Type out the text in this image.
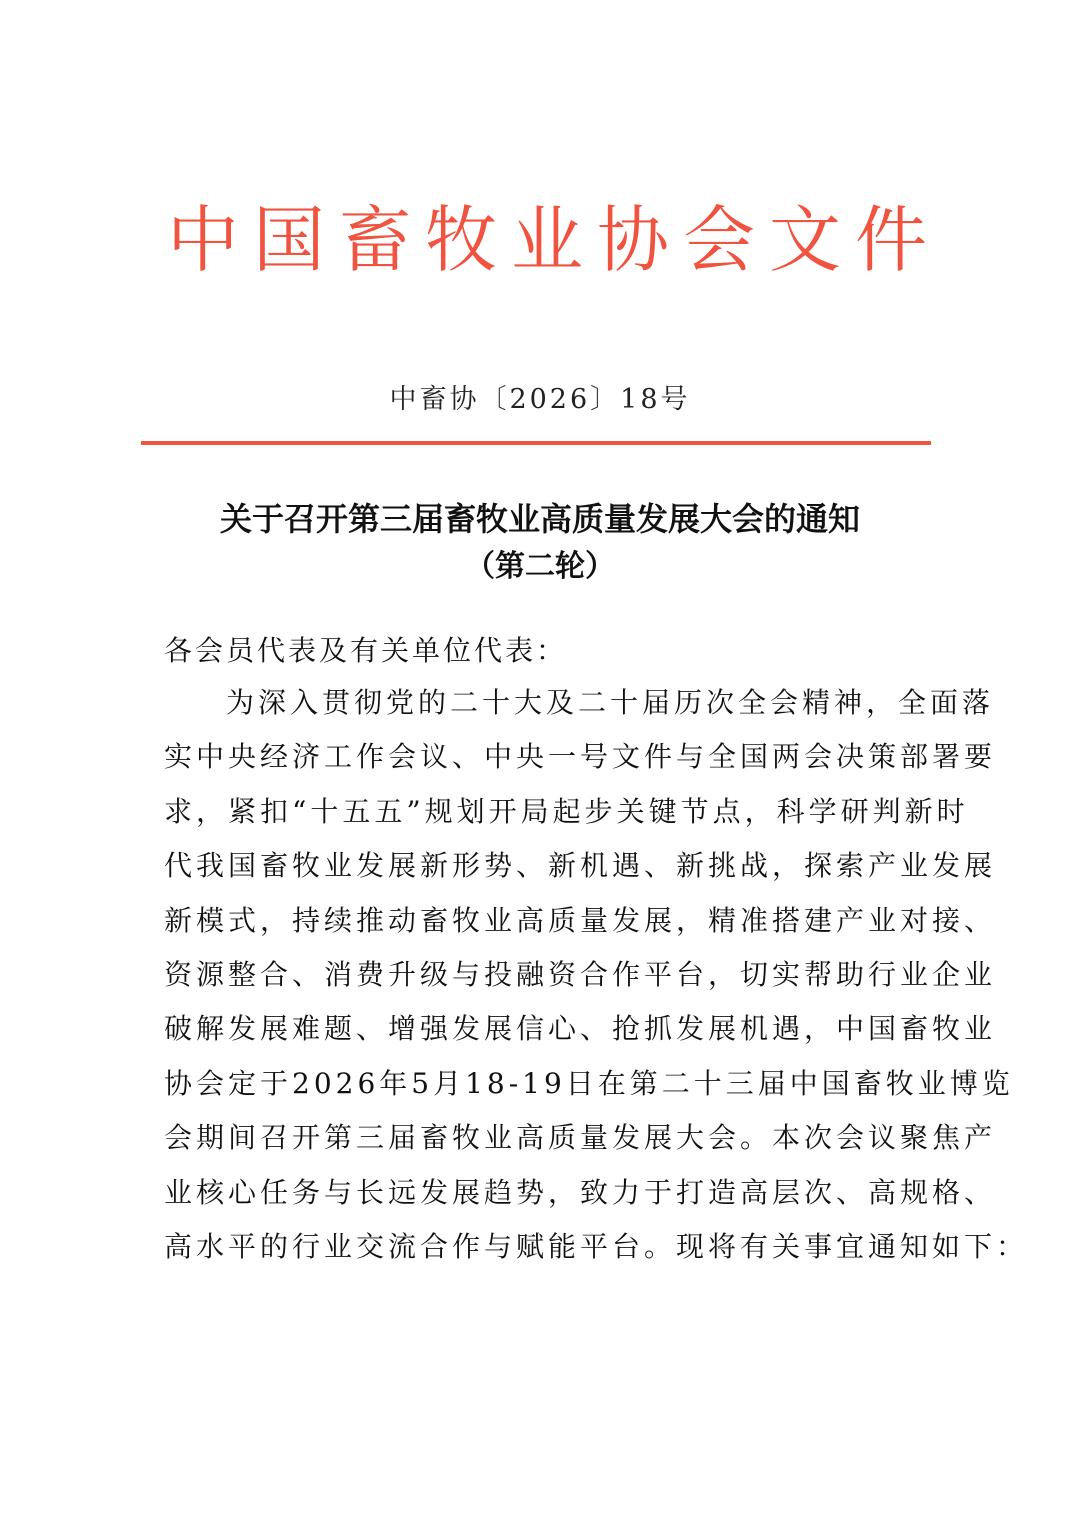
中国畜牧业协会文件
中畜协〔2026〕18号
关于召开第三届畜牧业高质量发展大会的通知
（第二轮）
各会员代表及有关单位代表：
为深入贯彻党的二十大及二十届历次全会精神，全面落
实中央经济工作会议、中央一号文件与全国两会决策部署要
求，紧扣“十五五”规划开局起步关键节点，科学研判新时
代我国畜牧业发展新形势、新机遇、新挑战，探索产业发展
新模式，持续推动畜牧业高质量发展，精准搭建产业对接、
资源整合、消费升级与投融资合作平台，切实帮助行业企业
破解发展难题、增强发展信心、抢抓发展机遇，中国畜牧业
协会定于2026年5月18-19日在第二十三届中国畜牧业博览
会期间召开第三届畜牧业高质量发展大会。本次会议聚焦产
业核心任务与长远发展趋势，致力于打造高层次、高规格、
高水平的行业交流合作与赋能平台。现将有关事宜通知如下：
